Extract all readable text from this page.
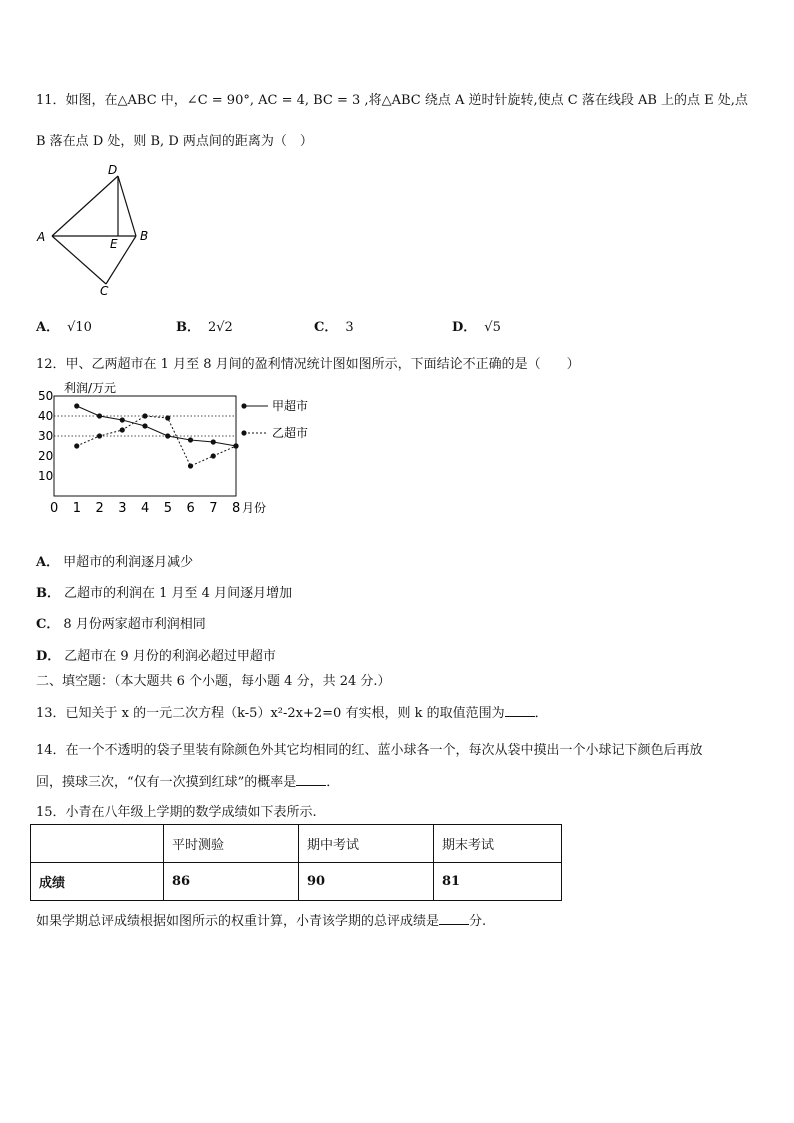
11．如图，在△ABC 中，∠C = 90°, AC = 4, BC = 3 ,将△ABC 绕点 A 逆时针旋转,使点 C 落在线段 AB 上的点 E 处,点
B 落在点 D 处，则 B, D 两点间的距离为（　）
D
A	E
B
C
A． √10	B． 2√2	C． 3	D． √5
12．甲、乙两超市在 1 月至 8 月间的盈利情况统计图如图所示，下面结论不正确的是（　　）
10
20
30
40
50
0 1 2 3 4 5 6 7 8
利润/万元
月份
甲超市
乙超市
A． 甲超市的利润逐月减少
B． 乙超市的利润在 1 月至 4 月间逐月增加
C． 8 月份两家超市利润相同
D． 乙超市在 9 月份的利润必超过甲超市
二、填空题：（本大题共 6 个小题，每小题 4 分，共 24 分.）
13．已知关于 x 的一元二次方程（k-5）x²-2x+2=0 有实根，则 k 的取值范围为 ．
14．在一个不透明的袋子里装有除颜色外其它均相同的红、蓝小球各一个，每次从袋中摸出一个小球记下颜色后再放
回，摸球三次，“仅有一次摸到红球”的概率是 ．
15．小青在八年级上学期的数学成绩如下表所示.
	平时测验	期中考试	期末考试
成绩	86	90	81
如果学期总评成绩根据如图所示的权重计算，小青该学期的总评成绩是 分.
